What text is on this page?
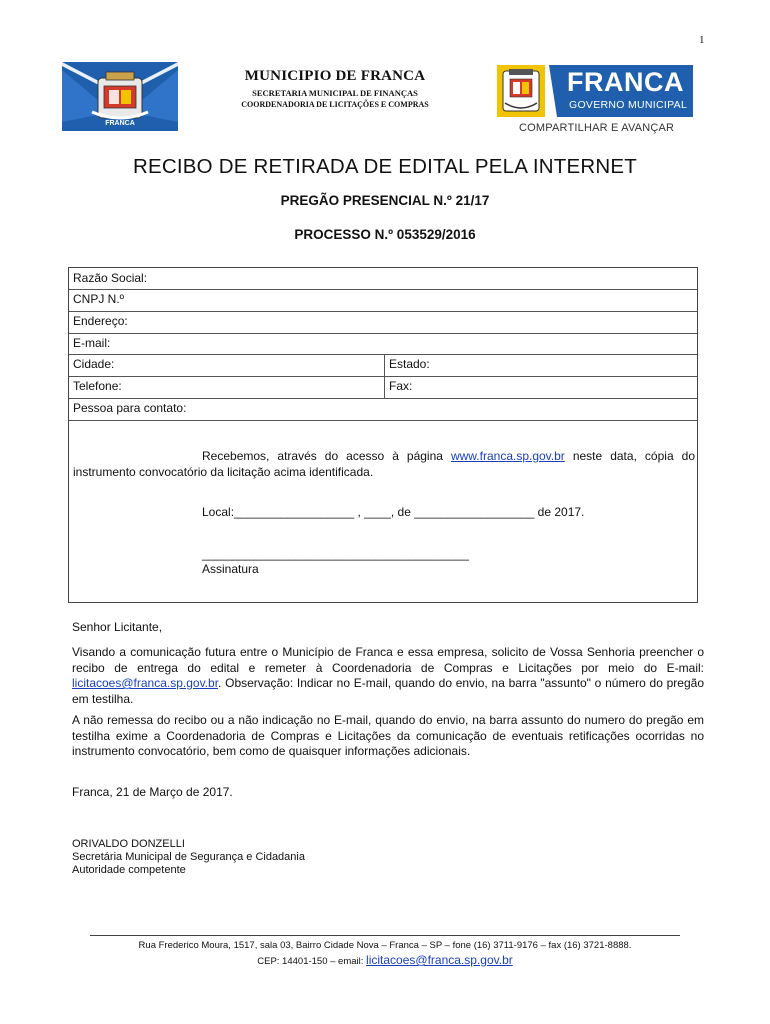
1
FRANCA
MUNICIPIO DE FRANCA
SECRETARIA MUNICIPAL DE FINANÇAS
COORDENADORIA DE LICITAÇÕES E COMPRAS
FRANCA
GOVERNO MUNICIPAL
COMPARTILHAR E AVANÇAR
RECIBO DE RETIRADA DE EDITAL PELA INTERNET
PREGÃO PRESENCIAL N.º 21/17
PROCESSO N.º 053529/2016
Razão Social:
CNPJ N.º
Endereço:
E-mail:
Cidade:	Estado:
Telefone:	Fax:
Pessoa para contato:
Recebemos, através do acesso à página www.franca.sp.gov.br neste data, cópia do instrumento convocatório da licitação acima identificada.
Local:__________________ , ____, de __________________ de 2017.
________________________________________
Assinatura
Senhor Licitante,
Visando a comunicação futura entre o Município de Franca e essa empresa, solicito de Vossa Senhoria preencher o recibo de entrega do edital e remeter à Coordenadoria de Compras e Licitações por meio do E-mail: licitacoes@franca.sp.gov.br. Observação: Indicar no E-mail, quando do envio, na barra "assunto" o número do pregão em testilha.
A não remessa do recibo ou a não indicação no E-mail, quando do envio, na barra assunto do numero do pregão em testilha exime a Coordenadoria de Compras e Licitações da comunicação de eventuais retificações ocorridas no instrumento convocatório, bem como de quaisquer informações adicionais.
Franca, 21 de Março de 2017.
ORIVALDO DONZELLI
Secretária Municipal de Segurança e Cidadania
Autoridade competente
Rua Frederico Moura, 1517, sala 03, Bairro Cidade Nova – Franca – SP – fone (16) 3711-9176 – fax (16) 3721-8888.
CEP: 14401-150 – email: licitacoes@franca.sp.gov.br
